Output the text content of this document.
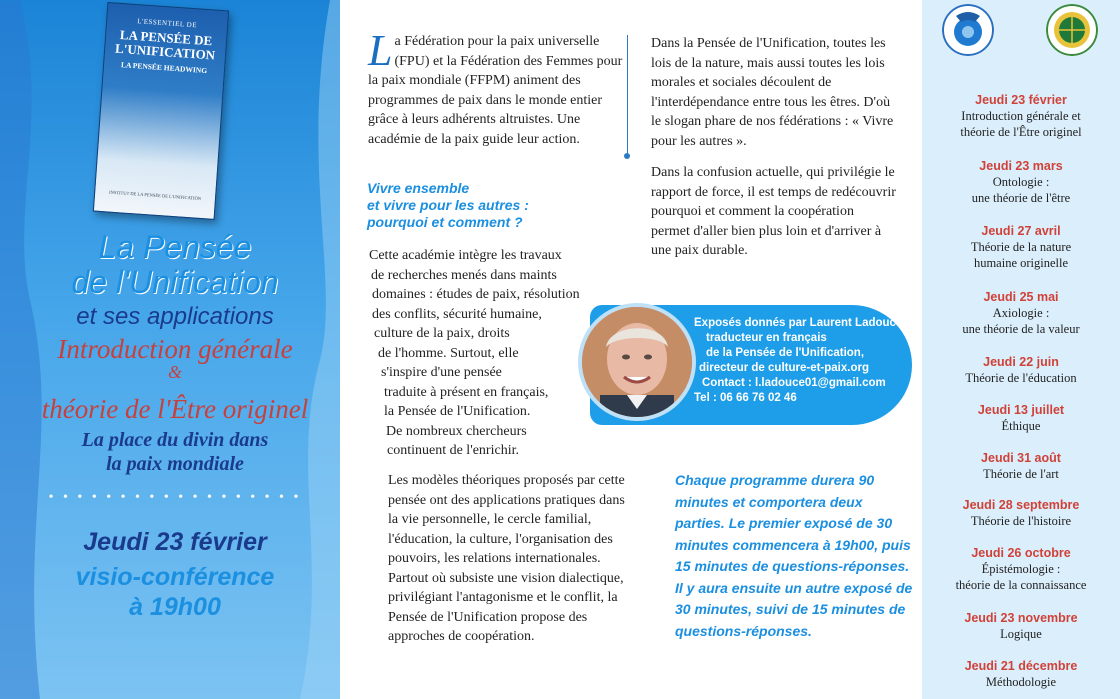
L'ESSENTIEL DE
LA PENSÉE DE L'UNIFICATION
LA PENSÉE HEADWING
INSTITUT DE LA PENSÉE DE L'UNIFICATION
La Pensée
de l'Unification
et ses applications
Introduction générale
&
théorie de l'Être originel
La place du divin dans
la paix mondiale
• • • • • • • • • • • • • • • • • •
Jeudi 23 février
visio-conférence
à 19h00
La Fédération pour la paix universelle (FPU) et la Fédération des Femmes pour la paix mondiale (FFPM) animent des programmes de paix dans le monde entier grâce à leurs adhérents altruistes. Une académie de la paix guide leur action.
Vivre ensemble
et vivre pour les autres :
pourquoi et comment ?
Cette académie intègre les travaux
de recherches menés dans maints
domaines : études de paix, résolution
des conflits, sécurité humaine,
culture de la paix, droits
de l'homme. Surtout, elle
s'inspire d'une pensée
traduite à présent en français,
la Pensée de l'Unification.
De nombreux chercheurs
continuent de l'enrichir.
Les modèles théoriques proposés par cette pensée ont des applications pratiques dans la vie personnelle, le cercle familial, l'éducation, la culture, l'organisation des pouvoirs, les relations internationales. Partout où subsiste une vision dialectique, privilégiant l'antagonisme et le conflit, la Pensée de l'Unification propose des approches de coopération.
Dans la Pensée de l'Unification, toutes les lois de la nature, mais aussi toutes les lois morales et sociales découlent de l'interdépendance entre tous les êtres. D'où le slogan phare de nos fédérations : « Vivre pour les autres ».
Dans la confusion actuelle, qui privilégie le rapport de force, il est temps de redécouvrir pourquoi et comment la coopération permet d'aller bien plus loin et d'arriver à une paix durable.
Exposés donnés par Laurent Ladouce
traducteur en français
de la Pensée de l'Unification,
directeur de culture-et-paix.org
Contact : l.ladouce01@gmail.com
Tel : 06 66 76 02 46
Chaque programme durera 90 minutes et comportera deux parties. Le premier exposé de 30 minutes commencera à 19h00, puis 15 minutes de questions-réponses. Il y aura ensuite un autre exposé de 30 minutes, suivi de 15 minutes de questions-réponses.
Jeudi 23 février
Introduction générale et
théorie de l'Être originel
Jeudi 23 mars
Ontologie :
une théorie de l'être
Jeudi 27 avril
Théorie de la nature
humaine originelle
Jeudi 25 mai
Axiologie :
une théorie de la valeur
Jeudi 22 juin
Théorie de l'éducation
Jeudi 13 juillet
Éthique
Jeudi 31 août
Théorie de l'art
Jeudi 28 septembre
Théorie de l'histoire
Jeudi 26 octobre
Épistémologie :
théorie de la connaissance
Jeudi 23 novembre
Logique
Jeudi 21 décembre
Méthodologie
